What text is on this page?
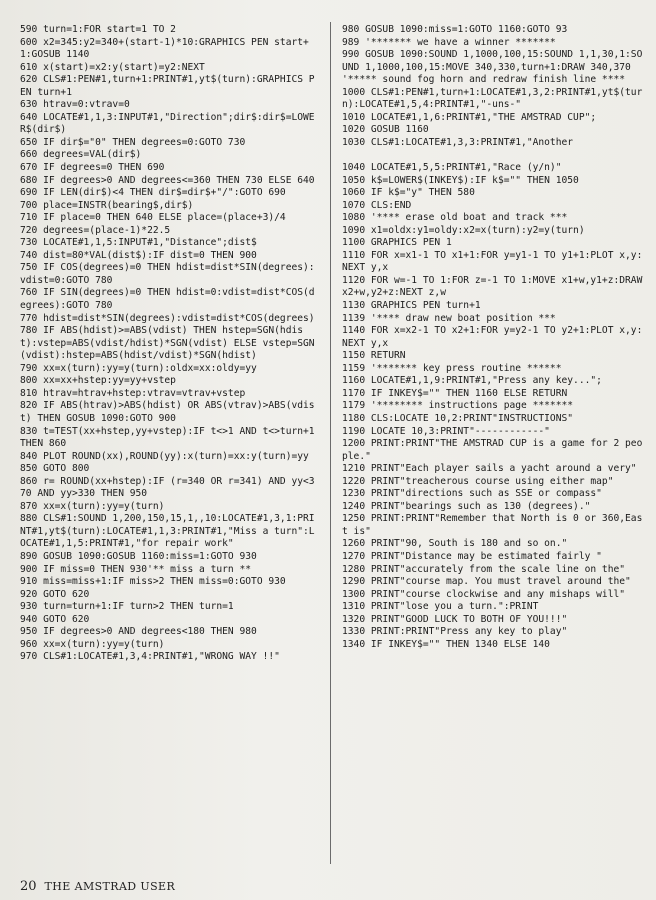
590 turn=1:FOR start=1 TO 2
600 x2=345:y2=340+(start-1)*10:GRAPHICS PEN start+1:GOSUB 1140
610 x(start)=x2:y(start)=y2:NEXT
620 CLS#1:PEN#1,turn+1:PRINT#1,yt$(turn):GRAPHICS PEN turn+1
630 htrav=0:vtrav=0
640 LOCATE#1,1,3:INPUT#1,"Direction";dir$:dir$=LOWER$(dir$)
650 IF dir$="0" THEN degrees=0:GOTO 730
660 degrees=VAL(dir$)
670 IF degrees=0 THEN 690
680 IF degrees>0 AND degrees<=360 THEN 730 ELSE 640
690 IF LEN(dir$)<4 THEN dir$=dir$+"/":GOTO 690
700 place=INSTR(bearing$,dir$)
710 IF place=0 THEN 640 ELSE place=(place+3)/4
720 degrees=(place-1)*22.5
730 LOCATE#1,1,5:INPUT#1,"Distance";dist$
740 dist=80*VAL(dist$):IF dist=0 THEN 900
750 IF COS(degrees)=0 THEN hdist=dist*SIN(degrees):vdist=0:GOTO 780
760 IF SIN(degrees)=0 THEN hdist=0:vdist=dist*COS(degrees):GOTO 780
770 hdist=dist*SIN(degrees):vdist=dist*COS(degrees)
780 IF ABS(hdist)>=ABS(vdist) THEN hstep=SGN(hdist):vstep=ABS(vdist/hdist)*SGN(vdist) ELSE vstep=SGN(vdist):hstep=ABS(hdist/vdist)*SGN(hdist)
790 xx=x(turn):yy=y(turn):oldx=xx:oldy=yy
800 xx=xx+hstep:yy=yy+vstep
810 htrav=htrav+hstep:vtrav=vtrav+vstep
820 IF ABS(htrav)>ABS(hdist) OR ABS(vtrav)>ABS(vdist) THEN GOSUB 1090:GOTO 900
830 t=TEST(xx+hstep,yy+vstep):IF t<>1 AND t<>turn+1 THEN 860
840 PLOT ROUND(xx),ROUND(yy):x(turn)=xx:y(turn)=yy
850 GOTO 800
860 r= ROUND(xx+hstep):IF (r=340 OR r=341) AND yy<370 AND yy>330 THEN 950
870 xx=x(turn):yy=y(turn)
880 CLS#1:SOUND 1,200,150,15,1,,10:LOCATE#1,3,1:PRINT#1,yt$(turn):LOCATE#1,1,3:PRINT#1,"Miss a turn":LOCATE#1,1,5:PRINT#1,"for repair work"
890 GOSUB 1090:GOSUB 1160:miss=1:GOTO 930
900 IF miss=0 THEN 930'** miss a turn **
910 miss=miss+1:IF miss>2 THEN miss=0:GOTO 930
920 GOTO 620
930 turn=turn+1:IF turn>2 THEN turn=1
940 GOTO 620
950 IF degrees>0 AND degrees<180 THEN 980
960 xx=x(turn):yy=y(turn)
970 CLS#1:LOCATE#1,3,4:PRINT#1,"WRONG WAY !!"
980 GOSUB 1090:miss=1:GOTO 1160:GOTO 93
989 '******* we have a winner *******
990 GOSUB 1090:SOUND 1,1000,100,15:SOUND 1,1,30,1:SOUND 1,1000,100,15:MOVE 340,330,turn+1:DRAW 340,370 '***** sound fog horn and redraw finish line ****
1000 CLS#1:PEN#1,turn+1:LOCATE#1,3,2:PRINT#1,yt$(turn):LOCATE#1,5,4:PRINT#1,"-uns-"
1010 LOCATE#1,1,6:PRINT#1,"THE AMSTRAD CUP";
1020 GOSUB 1160
1030 CLS#1:LOCATE#1,3,3:PRINT#1,"Another
1040 LOCATE#1,5,5:PRINT#1,"Race (y/n)"
1050 k$=LOWER$(INKEY$):IF k$="" THEN 1050
1060 IF k$="y" THEN 580
1070 CLS:END
1080 '**** erase old boat and track ***
1090 x1=oldx:y1=oldy:x2=x(turn):y2=y(turn)
1100 GRAPHICS PEN 1
1110 FOR x=x1-1 TO x1+1:FOR y=y1-1 TO y1+1:PLOT x,y:NEXT y,x
1120 FOR w=-1 TO 1:FOR z=-1 TO 1:MOVE x1+w,y1+z:DRAW x2+w,y2+z:NEXT z,w
1130 GRAPHICS PEN turn+1
1139 '**** draw new boat position ***
1140 FOR x=x2-1 TO x2+1:FOR y=y2-1 TO y2+1:PLOT x,y:NEXT y,x
1150 RETURN
1159 '******* key press routine ******
1160 LOCATE#1,1,9:PRINT#1,"Press any key...";
1170 IF INKEY$="" THEN 1160 ELSE RETURN
1179 '******** instructions page *******
1180 CLS:LOCATE 10,2:PRINT"INSTRUCTIONS"
1190 LOCATE 10,3:PRINT"------------"
1200 PRINT:PRINT"THE AMSTRAD CUP is a game for 2 people."
1210 PRINT"Each player sails a yacht around a very"
1220 PRINT"treacherous course using either map"
1230 PRINT"directions such as SSE or compass"
1240 PRINT"bearings such as 130 (degrees)."
1250 PRINT:PRINT"Remember that North is 0 or 360,East is"
1260 PRINT"90, South is 180 and so on."
1270 PRINT"Distance may be estimated fairly "
1280 PRINT"accurately from the scale line on the"
1290 PRINT"course map. You must travel around the"
1300 PRINT"course clockwise and any mishaps will"
1310 PRINT"lose you a turn.":PRINT
1320 PRINT"GOOD LUCK TO BOTH OF YOU!!!"
1330 PRINT:PRINT"Press any key to play"
1340 IF INKEY$="" THEN 1340 ELSE 140
20 THE AMSTRAD USER
